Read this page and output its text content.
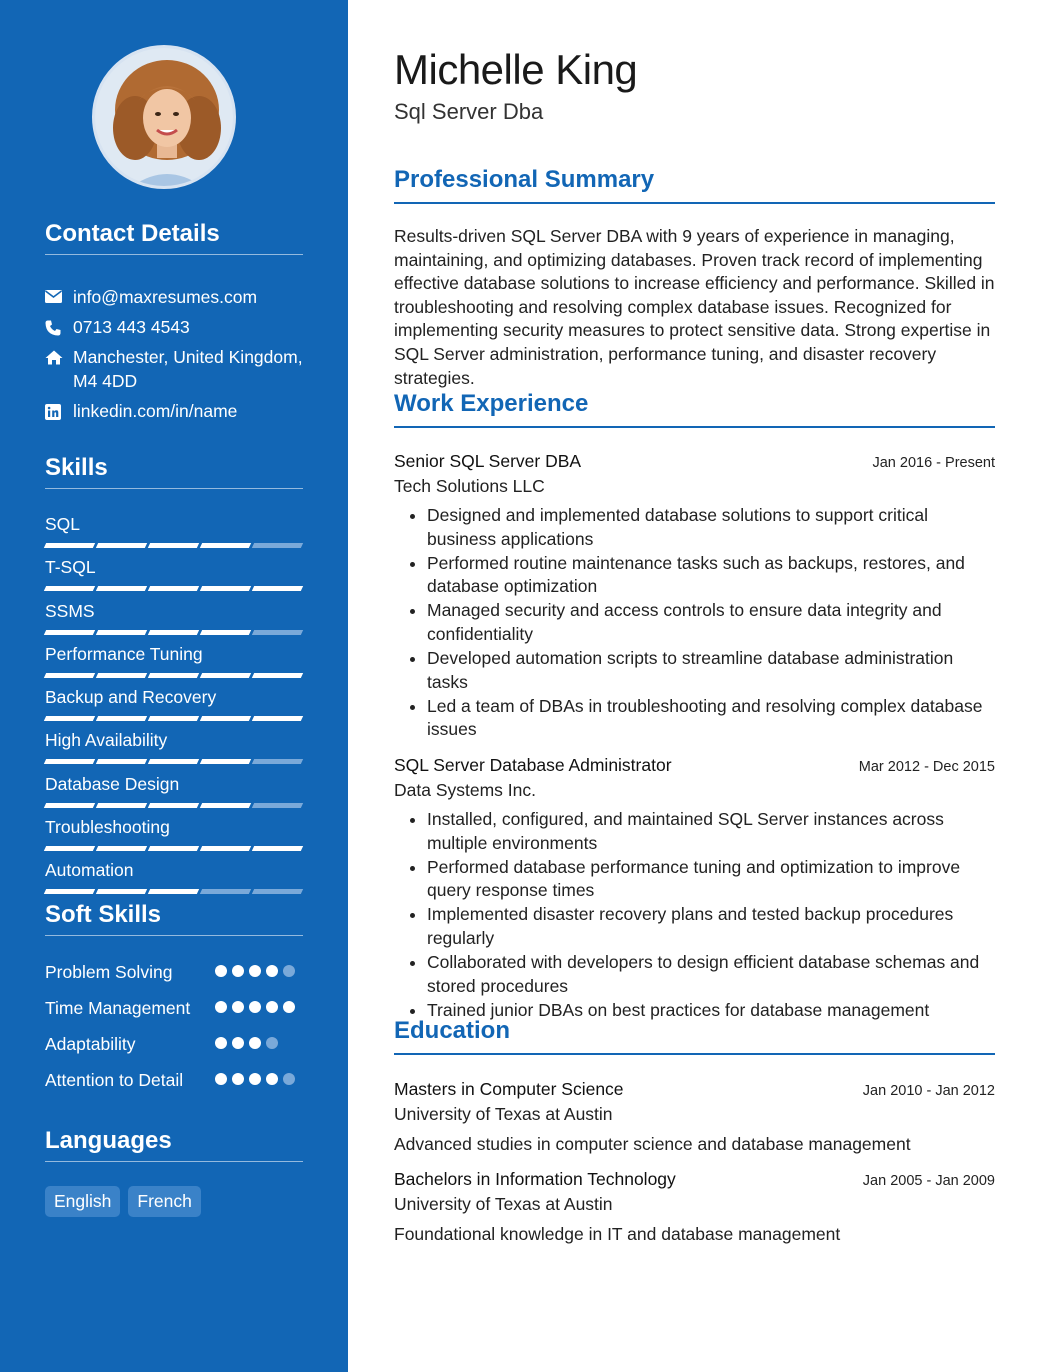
Contact Details
info@maxresumes.com
0713 443 4543
Manchester, United Kingdom, M4 4DD
linkedin.com/in/name
Skills
SQL
T-SQL
SSMS
Performance Tuning
Backup and Recovery
High Availability
Database Design
Troubleshooting
Automation
Soft Skills
Problem Solving
Time Management
Adaptability
Attention to Detail
Languages
English	French
Michelle King
Sql Server Dba
Professional Summary

Results-driven SQL Server DBA with 9 years of experience in managing, maintaining, and optimizing databases. Proven track record of implementing effective database solutions to increase efficiency and performance. Skilled in troubleshooting and resolving complex database issues. Recognized for implementing security measures to protect sensitive data. Strong expertise in SQL Server administration, performance tuning, and disaster recovery strategies.

Work Experience
Senior SQL Server DBA	Jan 2016 - Present
Tech Solutions LLC
• Designed and implemented database solutions to support critical business applications
• Performed routine maintenance tasks such as backups, restores, and database optimization
• Managed security and access controls to ensure data integrity and confidentiality
• Developed automation scripts to streamline database administration tasks
• Led a team of DBAs in troubleshooting and resolving complex database issues
SQL Server Database Administrator	Mar 2012 - Dec 2015
Data Systems Inc.
• Installed, configured, and maintained SQL Server instances across multiple environments
• Performed database performance tuning and optimization to improve query response times
• Implemented disaster recovery plans and tested backup procedures regularly
• Collaborated with developers to design efficient database schemas and stored procedures
• Trained junior DBAs on best practices for database management
Education
Masters in Computer Science	Jan 2010 - Jan 2012
University of Texas at Austin
Advanced studies in computer science and database management
Bachelors in Information Technology	Jan 2005 - Jan 2009
University of Texas at Austin
Foundational knowledge in IT and database management
